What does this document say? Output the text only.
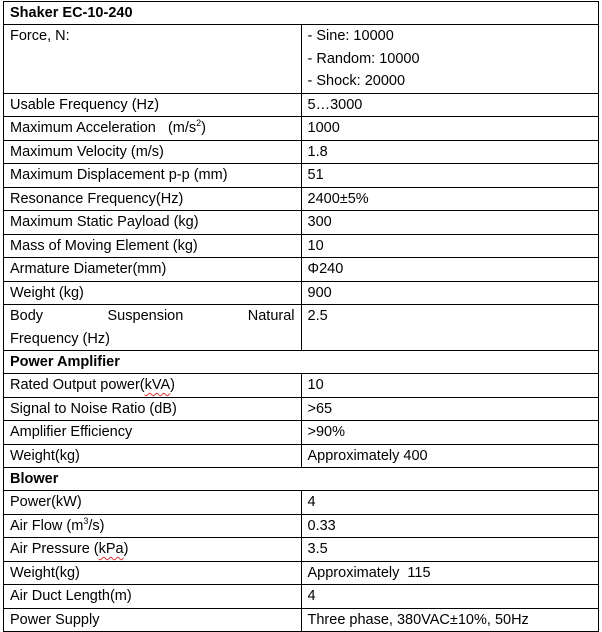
Shaker EC-10-240	
Force, N:	- Sine: 10000
- Random: 10000
- Shock: 20000

Usable Frequency (Hz)	5…3000
Maximum Acceleration   $(m/s^2)$	1000
Maximum Velocity (m/s)	1.8
Maximum Displacement p-p (mm)	51
Resonance Frequency(Hz)	2400±5%
Maximum Static Payload (kg)	300
Mass of Moving Element (kg)	10
Armature Diameter(mm)	Φ240
Weight (kg)	900

Body Suspension Natural
Frequency (Hz)	2.5
Power Amplifier	
Rated Output power(kVA)	10
Signal to Noise Ratio (dB)	>65
Amplifier Efficiency	>90%
Weight(kg)	Approximately 400
Blower	
Power(kW)	4
Air Flow $(m^3/s)$	0.33
Air Pressure (kPa)	3.5
Weight(kg)	Approximately  115
Air Duct Length(m)	4
Power Supply	Three phase, 380VAC±10%, 50Hz
